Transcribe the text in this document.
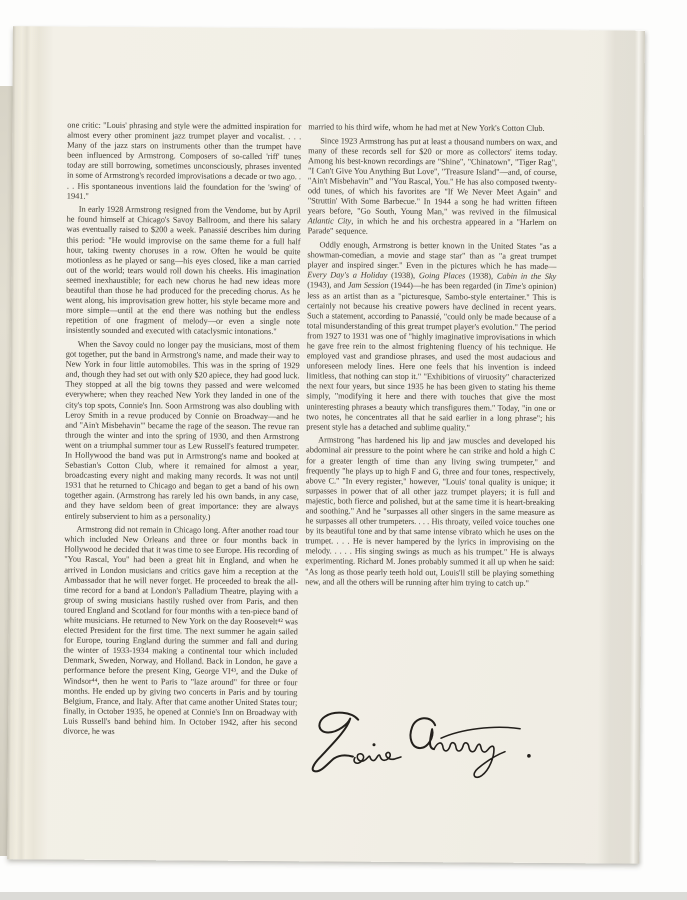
one critic: "Louis' phrasing and style were the admitted inspiration for almost every other prominent jazz trumpet player and vocalist. . . . Many of the jazz stars on instruments other than the trumpet have been influenced by Armstrong. Composers of so-called 'riff' tunes today are still borrowing, sometimes unconsciously, phrases invented in some of Armstrong's recorded improvisations a decade or two ago. . . . His spontaneous inventions laid the foundation for the 'swing' of 1941."

In early 1928 Armstrong resigned from the Vendome, but by April he found himself at Chicago's Savoy Ballroom, and there his salary was eventually raised to $200 a week. Panassié describes him during this period: "He would improvise on the same theme for a full half hour, taking twenty choruses in a row. Often he would be quite motionless as he played or sang—his eyes closed, like a man carried out of the world; tears would roll down his cheeks. His imagination seemed inexhaustible; for each new chorus he had new ideas more beautiful than those he had produced for the preceding chorus. As he went along, his improvisation grew hotter, his style became more and more simple—until at the end there was nothing but the endless repetition of one fragment of melody—or even a single note insistently sounded and executed with cataclysmic intonations."

When the Savoy could no longer pay the musicians, most of them got together, put the band in Armstrong's name, and made their way to New York in four little automobiles. This was in the spring of 1929 and, though they had set out with only $20 apiece, they had good luck. They stopped at all the big towns they passed and were welcomed everywhere; when they reached New York they landed in one of the city's top spots, Connie's Inn. Soon Armstrong was also doubling with Leroy Smith in a revue produced by Connie on Broadway—and he and "Ain't Misbehavin'" became the rage of the season. The revue ran through the winter and into the spring of 1930, and then Armstrong went on a triumphal summer tour as Lew Russell's featured trumpeter. In Hollywood the band was put in Armstrong's name and booked at Sebastian's Cotton Club, where it remained for almost a year, broadcasting every night and making many records. It was not until 1931 that he returned to Chicago and began to get a band of his own together again. (Armstrong has rarely led his own bands, in any case, and they have seldom been of great importance: they are always entirely subservient to him as a personality.)

Armstrong did not remain in Chicago long. After another road tour which included New Orleans and three or four months back in Hollywood he decided that it was time to see Europe. His recording of "You Rascal, You" had been a great hit in England, and when he arrived in London musicians and critics gave him a reception at the Ambassador that he will never forget. He proceeded to break the all-time record for a band at London's Palladium Theatre, playing with a group of swing musicians hastily rushed over from Paris, and then toured England and Scotland for four months with a ten-piece band of white musicians. He returned to New York on the day Roosevelt⁴² was elected President for the first time. The next summer he again sailed for Europe, touring England during the summer and fall and during the winter of 1933-1934 making a continental tour which included Denmark, Sweden, Norway, and Holland. Back in London, he gave a performance before the present King, George VI⁴³, and the Duke of Windsor⁴⁴, then he went to Paris to "laze around" for three or four months. He ended up by giving two concerts in Paris and by touring Belgium, France, and Italy. After that came another United States tour; finally, in October 1935, he opened at Connie's Inn on Broadway with Luis Russell's band behind him. In October 1942, after his second divorce, he was

married to his third wife, whom he had met at New York's Cotton Club.

Since 1923 Armstrong has put at least a thousand numbers on wax, and many of these records sell for $20 or more as collectors' items today. Among his best-known recordings are "Shine", "Chinatown", "Tiger Rag", "I Can't Give You Anything But Love", "Treasure Island"—and, of course, "Ain't Misbehavin'" and "You Rascal, You." He has also composed twenty-odd tunes, of which his favorites are "If We Never Meet Again" and "Struttin' With Some Barbecue." In 1944 a song he had written fifteen years before, "Go South, Young Man," was revived in the filmusical Atlantic City, in which he and his orchestra appeared in a "Harlem on Parade" sequence.

Oddly enough, Armstrong is better known in the United States "as a showman-comedian, a movie and stage star" than as "a great trumpet player and inspired singer." Even in the pictures which he has made—Every Day's a Holiday (1938), Going Places (1938), Cabin in the Sky (1943), and Jam Session (1944)—he has been regarded (in Time's opinion) less as an artist than as a "picturesque, Sambo-style entertainer." This is certainly not because his creative powers have declined in recent years. Such a statement, according to Panassié, "could only be made because of a total misunderstanding of this great trumpet player's evolution." The period from 1927 to 1931 was one of "highly imaginative improvisations in which he gave free rein to the almost frightening fluency of his technique. He employed vast and grandiose phrases, and used the most audacious and unforeseen melody lines. Here one feels that his invention is indeed limitless, that nothing can stop it." "Exhibitions of viruosity" characterized the next four years, but since 1935 he has been given to stating his theme simply, "modifying it here and there with touches that give the most uninteresting phrases a beauty which transfigures them." Today, "in one or two notes, he concentrates all that he said earlier in a long phrase"; his present style has a detached and sublime quality."

Armstrong "has hardened his lip and jaw muscles and developed his abdominal air pressure to the point where he can strike and hold a high C for a greater length of time than any living swing trumpeter," and frequently "he plays up to high F and G, three and four tones, respectively, above C." "In every register," however, "Louis' tonal quality is unique; it surpasses in power that of all other jazz trumpet players; it is full and majestic, both fierce and polished, but at the same time it is heart-breaking and soothing." And he "surpasses all other singers in the same measure as he surpasses all other trumpeters. . . . His throaty, veiled voice touches one by its beautiful tone and by that same intense vibrato which he uses on the trumpet. . . . He is never hampered by the lyrics in improvising on the melody. . . . . His singing swings as much as his trumpet." He is always experimenting. Richard M. Jones probably summed it all up when he said: "As long as those pearly teeth hold out, Louis'll still be playing something new, and all the others will be running after him trying to catch up."
